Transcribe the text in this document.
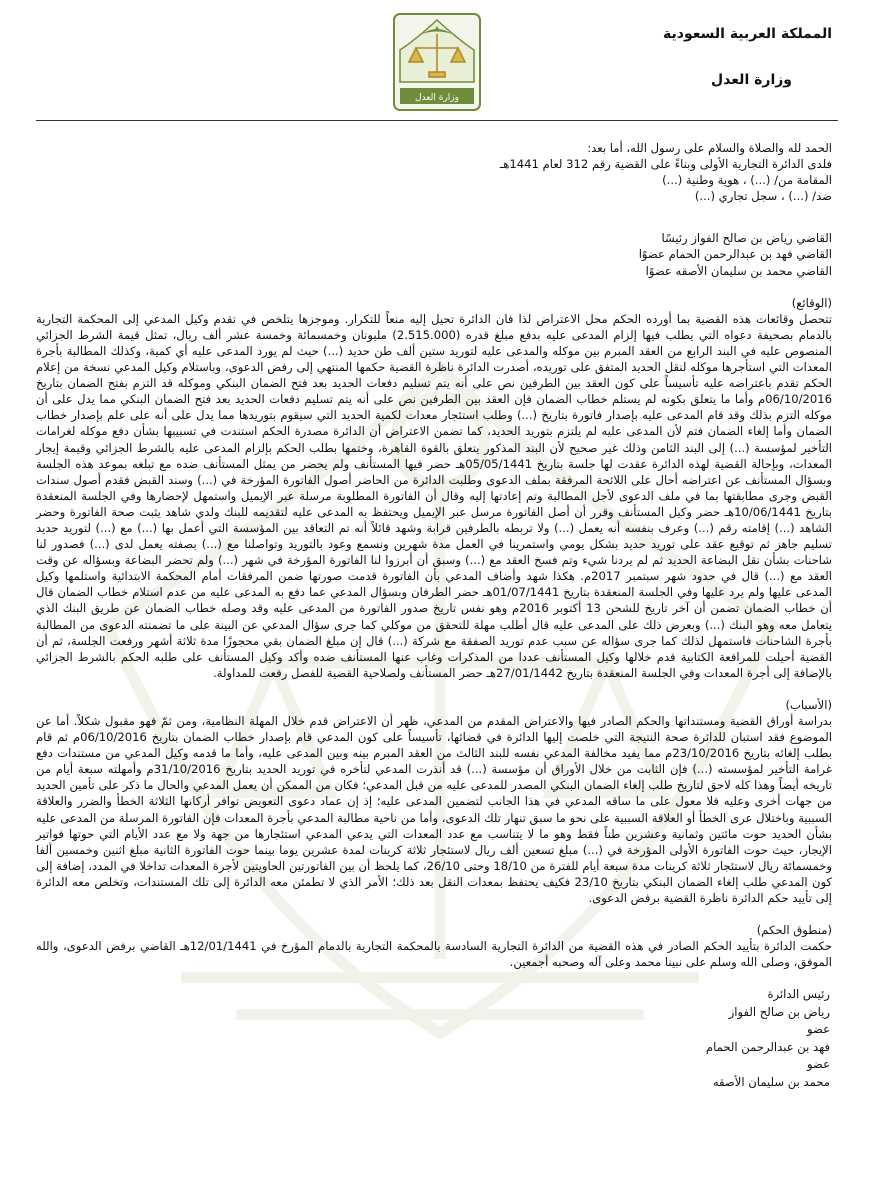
المملكة العربية السعودية
وزارة العدل
وزارة العدل
الحمد لله والصلاة والسلام على رسول الله، أما بعد:
فلدى الدائرة التجارية الأولى وبناءً على القضية رقم 312 لعام 1441هـ
المقامة من/ (...) ، هوية وطنية (...)
ضد/ (...) ، سجل تجاري (...)
القاضي رياض بن صالح الفواز رئيسًا
القاضي فهد بن عبدالرحمن الحمام عضوًا
القاضي محمد بن سليمان الأصقه عضوًا
(الوقائع)
تتحصل وقائعات هذه القضية بما أورده الحكم محل الاعتراض لذا فان الدائرة تحيل إليه منعاً للتكرار. وموجزها يتلخص في تقدم وكيل المدعي إلى المحكمة التجارية بالدمام بصحيفة دعواه التي يطلب فيها إلزام المدعى عليه بدفع مبلغ قدره (2.515.000) مليونان وخمسمائة وخمسة عشر ألف ريال، تمثل قيمة الشرط الجزائي المنصوص عليه في البند الرابع من العقد المبرم بين موكله والمدعى عليه لتوريد ستين ألف طن حديد (...) حيث لم يورد المدعى عليه أي كمية، وكذلك المطالبة بأجرة المعدات التي استأجرها موكله لنقل الحديد المتفق على توريده، أصدرت الدائرة ناظرة القضية حكمها المنتهي إلى رفض الدعوى، وباستلام وكيل المدعي نسخة من إعلام الحكم تقدم باعتراضه عليه تأسيساً على كون العقد بين الطرفين نص على أنه يتم تسليم دفعات الحديد بعد فتح الضمان البنكي وموكله قد التزم بفتح الضمان بتاريخ 06/10/2016م وأما ما يتعلق بكونه لم يستلم خطاب الضمان فإن العقد بين الطرفين نص على أنه يتم تسليم دفعات الحديد بعد فتح الضمان البنكي مما يدل على أن موكله التزم بذلك وقد قام المدعى عليه بإصدار فاتورة بتاريخ (...) وطلب استئجار معدات لكمية الحديد التي سيقوم بتوريدها مما يدل على أنه على علم بإصدار خطاب الضمان وأما إلغاء الضمان فتم لأن المدعى عليه لم يلتزم بتوريد الحديد، كما تضمن الاعتراض أن الدائرة مصدرة الحكم استندت في تسبيبها بشأن دفع موكله لغرامات التأخير لمؤسسة (...) إلى البند الثامن وذلك غير صحيح لأن البند المذكور يتعلق بالقوة القاهرة، وختمها بطلب الحكم بإلزام المدعى عليه بالشرط الجزائي وقيمة إيجار المعدات، وبإحالة القضية لهذه الدائرة عقدت لها جلسة بتاريخ 05/05/1441هـ حضر فيها المستأنف ولم يحضر من يمثل المستأنف ضده مع تبلغه بموعد هذه الجلسة وبسؤال المستأنف عن اعتراضه أحال على اللائحة المرفقة بملف الدعوى وطلبت الدائرة من الحاضر أصول الفاتورة المؤرخة في (...) وسند القبض فقدم أصول سندات القبض وجرى مطابقتها بما في ملف الدعوى لأجل المطالبة وتم إعادتها إليه وقال أن الفاتورة المطلوبة مرسلة عبر الإيميل واستمهل لإحضارها وفي الجلسة المنعقدة بتاريخ 10/06/1441هـ حضر وكيل المستأنف وقرر أن أصل الفاتورة مرسل عبر الإيميل ويحتفظ به المدعى عليه لتقديمه للبنك ولدي شاهد يثبت صحة الفاتورة وحضر الشاهد (...) إقامته رقم (...) وعرف بنفسه أنه يعمل (...) ولا تربطه بالطرفين قرابة وشهد قائلاً أنه تم التعاقد بين المؤسسة التي أعمل بها (...) مع (...) لتوريد حديد تسليم جاهز ثم توقيع عقد على توريد حديد بشكل يومي واستمرينا في العمل مدة شهرين ونسمع وعود بالتوريد وتواصلنا مع (...) بصفته يعمل لدى (...) فصدور لنا شاحنات بشأن نقل البضاعة الحديد ثم لم يردنا شيء وتم فسخ العقد مع (...) وسبق أن أبرزوا لنا الفاتورة المؤرخة في شهر (...) ولم تحضر البضاعة وبسؤاله عن وقت العقد مع (...) قال في حدود شهر سبتمبر 2017م. هكذا شهد وأضاف المدعي بأن الفاتورة قدمت صورتها ضمن المرفقات أمام المحكمة الابتدائية واستلمها وكيل المدعى عليها ولم يرد عليها وفي الجلسة المنعقدة بتاريخ 01/07/1441هـ حضر الطرفان وبسؤال المدعي عما دفع به المدعى عليه من عدم استلام خطاب الضمان قال أن خطاب الضمان تضمن أن آخر تاريخ للشحن 13 أكتوبر 2016م وهو نفس تاريخ صدور الفاتورة من المدعى عليه وقد وصله خطاب الضمان عن طريق البنك الذي يتعامل معه وهو البنك (...) وبعرض ذلك على المدعى عليه قال أطلب مهلة للتحقق من موكلي كما جرى سؤال المدعي عن البينة على ما تضمنته الدعوى من المطالبة بأجرة الشاحنات فاستمهل لذلك كما جرى سؤاله عن سبب عدم توريد الصفقة مع شركة (...) قال إن مبلغ الضمان بقي محجوزًا مدة ثلاثة أشهر ورفعت الجلسة، ثم أن القضية أحيلت للمرافعة الكتابية قدم خلالها وكيل المستأنف عددا من المذكرات وغاب عنها المستأنف ضده وأكد وكيل المستأنف على طلبه الحكم بالشرط الجزائي بالإضافة إلى أجرة المعدات وفي الجلسة المنعقدة بتاريخ 27/01/1442هـ حضر المستأنف ولصلاحية القضية للفصل رفعت للمداولة.
(الأسباب)
بدراسة أوراق القضية ومستنداتها والحكم الصادر فيها والاعتراض المقدم من المدعي، ظهر أن الاعتراض قدم خلال المهلة النظامية، ومن ثمّ فهو مقبول شكلاً. أما عن الموضوع فقد استبان للدائرة صحة النتيجة التي خلصت إليها الدائرة في قضائها، تأسيساً على كون المدعي قام بإصدار خطاب الضمان بتاريخ 06/10/2016م ثم قام بطلب إلغائه بتاريخ 23/10/2016م مما يفيد مخالفة المدعي نفسه للبند الثالث من العقد المبرم بينه وبين المدعى عليه، وأما ما قدمه وكيل المدعي من مستندات دفع غرامة التأخير لمؤسسته (...) فإن الثابت من خلال الأوراق أن مؤسسة (...) قد أنذرت المدعي لتأخره في توريد الحديد بتاريخ 31/10/2016م وأمهلته سبعة أيام من تاريخه أيضاً وهذا كله لاحق لتاريخ طلب إلغاء الضمان البنكي المصدر للمدعى عليه من قبل المدعي؛ فكان من الممكن أن يعمل المدعي والحال ما ذكر على تأمين الحديد من جهات أخرى وعليه فلا معول على ما ساقه المدعي في هذا الجانب لتضمين المدعى عليه؛ إذ إن عماد دعوى التعويض توافر أركانها الثلاثة الخطأ والضرر والعلاقة السببية وباختلال عرى الخطأ أو العلاقة السببية على نحو ما سبق تنهار تلك الدعوى، وأما من ناحية مطالبة المدعي بأجرة المعدات فإن الفاتورة المرسلة من المدعى عليه بشأن الحديد حوت مائتين وثمانية وعشرين طناً فقط وهو ما لا يتناسب مع عدد المعدات التي يدعي المدعي استئجارها من جهة ولا مع عدد الأيام التي حوتها فواتير الإيجار، حيث حوت الفاتورة الأولى المؤرخة في (...) مبلغ تسعين ألف ريال لاستئجار ثلاثة كرينات لمدة عشرين يوما بينما حوت الفاتورة الثانية مبلغ اثنين وخمسين ألفا وخمسمائة ريال لاستئجار ثلاثة كرينات مدة سبعة أيام للفترة من 18/10 وحتى 26/10، كما يلحظ أن بين الفاتورتين الحاويتين لأجرة المعدات تداخلا في المدد، إضافة إلى كون المدعي طلب إلغاء الضمان البنكي بتاريخ 23/10 فكيف يحتفظ بمعدات النقل بعد ذلك؛ الأمر الذي لا تطمئن معه الدائرة إلى تلك المستندات، وتخلص معه الدائرة إلى تأييد حكم الدائرة ناظرة القضية برفض الدعوى.
(منطوق الحكم)
حكمت الدائرة بتأييد الحكم الصادر في هذه القضية من الدائرة التجارية السادسة بالمحكمة التجارية بالدمام المؤرخ في 12/01/1441هـ القاضي برفض الدعوى، والله الموفق، وصلى الله وسلم على نبينا محمد وعلى آله وصحبه أجمعين.
رئيس الدائرة
رياض بن صالح الفواز
عضو
فهد بن عبدالرحمن الحمام
عضو
محمد بن سليمان الأصقه
